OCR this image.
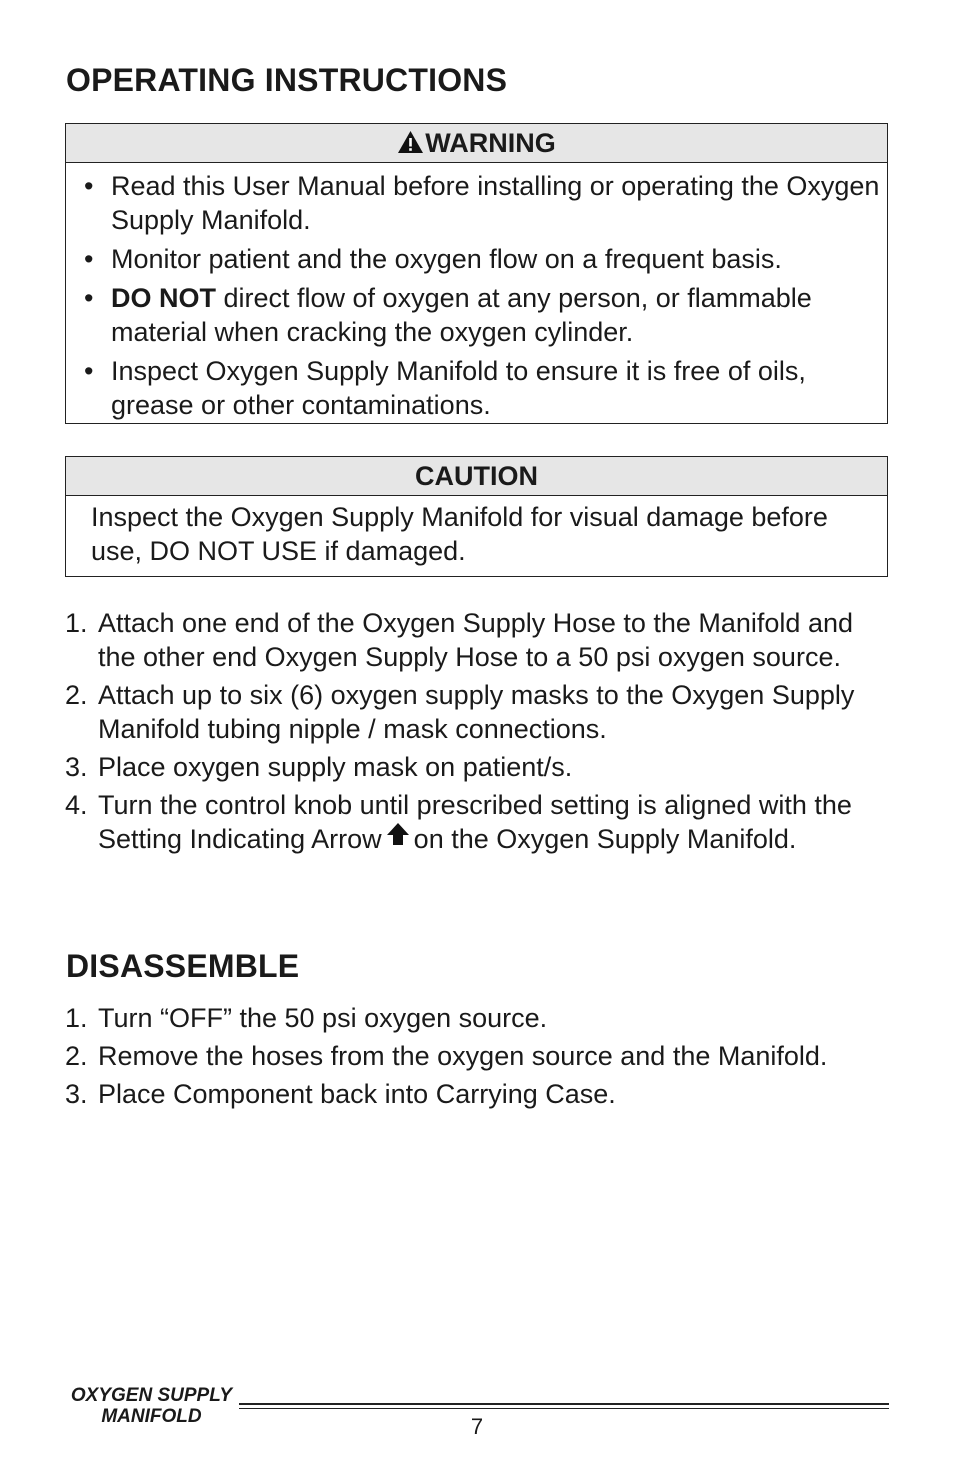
OPERATING INSTRUCTIONS
WARNING
• Read this User Manual before installing or operating the Oxygen Supply Manifold.
• Monitor patient and the oxygen flow on a frequent basis.
• DO NOT direct flow of oxygen at any person, or flammable material when cracking the oxygen cylinder.
• Inspect Oxygen Supply Manifold to ensure it is free of oils, grease or other contaminations.
CAUTION
Inspect the Oxygen Supply Manifold for visual damage before use, DO NOT USE if damaged.
1. Attach one end of the Oxygen Supply Hose to the Manifold and the other end Oxygen Supply Hose to a 50 psi oxygen source.
2. Attach up to six (6) oxygen supply masks to the Oxygen Supply Manifold tubing nipple / mask connections.
3. Place oxygen supply mask on patient/s.
4. Turn the control knob until prescribed setting is aligned with the Setting Indicating Arrow on the Oxygen Supply Manifold.
DISASSEMBLE
1. Turn “OFF” the 50 psi oxygen source.
2. Remove the hoses from the oxygen source and the Manifold.
3. Place Component back into Carrying Case.
OXYGEN SUPPLY
MANIFOLD	7
